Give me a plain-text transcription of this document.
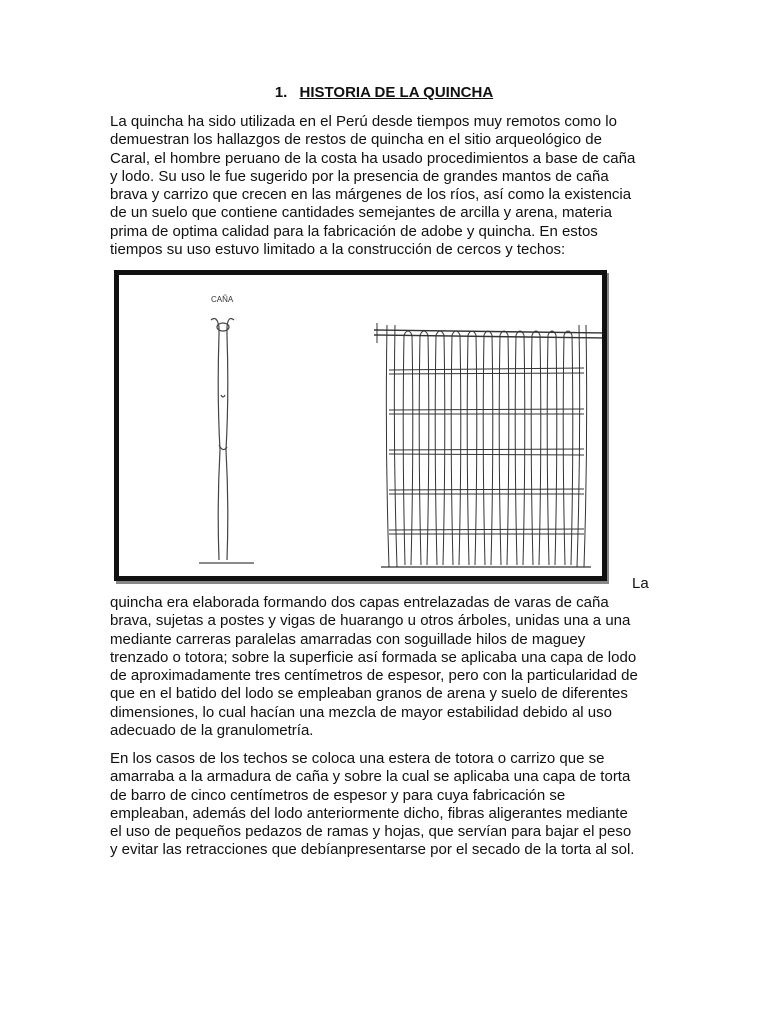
1. HISTORIA DE LA QUINCHA
La quincha ha sido utilizada en el Perú desde tiempos muy remotos como lo
demuestran los hallazgos de restos de quincha en el sitio arqueológico de
Caral, el hombre peruano de la costa ha usado procedimientos a base de caña
y lodo. Su uso le fue sugerido por la presencia de grandes mantos de caña
brava y carrizo que crecen en las márgenes de los ríos, así como la existencia
de un suelo que contiene cantidades semejantes de arcilla y arena, materia
prima de optima calidad para la fabricación de adobe y quincha. En estos
tiempos su uso estuvo limitado a la construcción de cercos y techos:
CAÑA
La
quincha era elaborada formando dos capas entrelazadas de varas de caña
brava, sujetas a postes y vigas de huarango u otros árboles, unidas una a una
mediante carreras paralelas amarradas con soguillade hilos de maguey
trenzado o totora; sobre la superficie así formada se aplicaba una capa de lodo
de aproximadamente tres centímetros de espesor, pero con la particularidad de
que en el batido del lodo se empleaban granos de arena y suelo de diferentes
dimensiones, lo cual hacían una mezcla de mayor estabilidad debido al uso
adecuado de la granulometría.
En los casos de los techos se coloca una estera de totora o carrizo que se
amarraba a la armadura de caña y sobre la cual se aplicaba una capa de torta
de barro de cinco centímetros de espesor y para cuya fabricación se
empleaban, además del lodo anteriormente dicho, fibras aligerantes mediante
el uso de pequeños pedazos de ramas y hojas, que servían para bajar el peso
y evitar las retracciones que debíanpresentarse por el secado de la torta al sol.
